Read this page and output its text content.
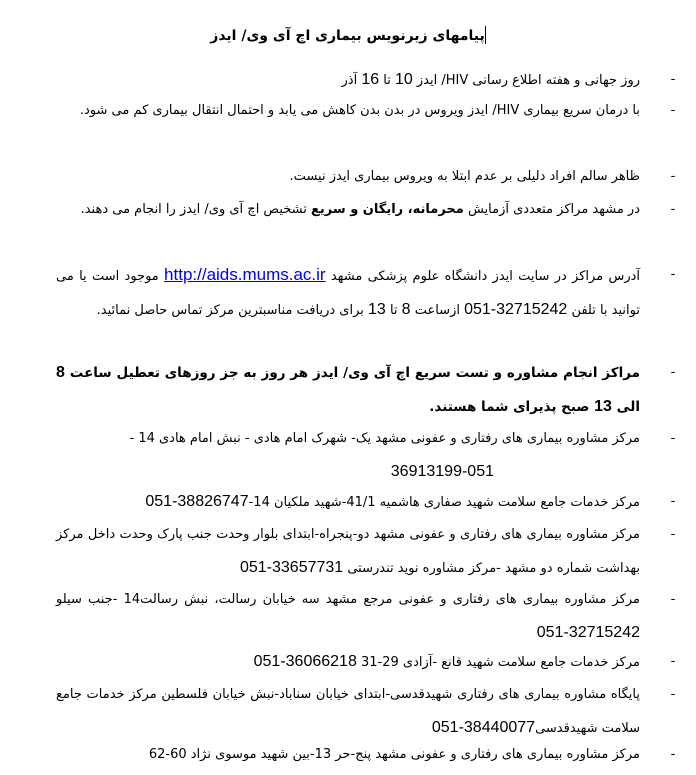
پیامهای زیرنویس بیماری اچ آی وی/ ایدز
-
روز جهانی و هفته اطلاع رسانی HIV/ ایدز 10 تا 16 آذر
-
با درمان سریع بیماری HIV/ ایدز ویروس در بدن بدن کاهش می یابد و احتمال انتقال بیماری کم می شود.
-
ظاهر سالم افراد دلیلی بر عدم ابتلا به ویروس بیماری ایدز نیست.
-
در مشهد مراکز متعددی آزمایش محرمانه، رایگان و سریع تشخیص اچ آی وی/ ایدز را انجام می دهند.
-
آدرس مراکز در سایت ایدز دانشگاه علوم پزشکی مشهد http://aids.mums.ac.ir موجود است یا می توانید با تلفن 32715242-051 ازساعت 8 تا 13 برای دریافت مناسبترین مرکز تماس حاصل نمائید.
-
مراکز انجام مشاوره و تست سریع اچ آی وی/ ایدز هر روز به جز روزهای تعطیل ساعت 8 الی 13 صبح پذیرای شما هستند.
-
مرکز مشاوره بیماری های رفتاری و عفونی مشهد یک- شهرک امام هادی - نبش امام هادی 14 -
36913199-051
-
مرکز خدمات جامع سلامت شهید صفاری هاشمیه 41/1-شهید ملکیان 14-38826747-051
-
مرکز مشاوره بیماری های رفتاری و عفونی مشهد دو-پنجراه-ابتدای بلوار وحدت جنب پارک وحدت داخل مرکز بهداشت شماره دو مشهد -مرکز مشاوره نوید تندرستی 33657731-051
-
مرکز مشاوره بیماری های رفتاری و عفونی مرجع مشهد سه خیابان رسالت، نبش رسالت14 -جنب سیلو 32715242-051
-
مرکز خدمات جامع سلامت شهید قانع -آزادی 29-31 36066218-051
-
پایگاه مشاوره بیماری های رفتاری شهیدقدسی-ابتدای خیابان سناباد-نبش خیابان فلسطین مرکز خدمات جامع سلامت شهیدقدسی38440077-051
-
مرکز مشاوره بیماری های رفتاری و عفونی مشهد پنج-حر 13-بین شهید موسوی نژاد 60-62
